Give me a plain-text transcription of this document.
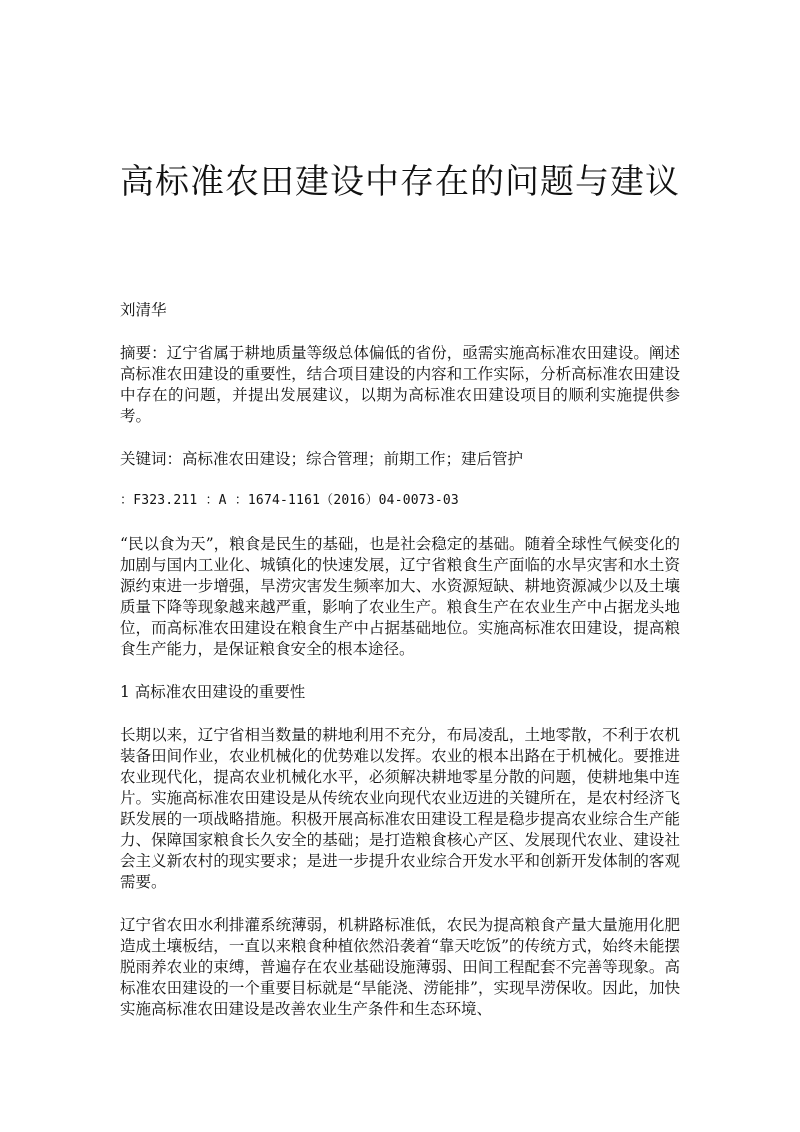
高标准农田建设中存在的问题与建议

刘清华

摘要：辽宁省属于耕地质量等级总体偏低的省份，亟需实施高标准农田建设。阐述高标准农田建设的重要性，结合项目建设的内容和工作实际，分析高标准农田建设中存在的问题，并提出发展建议，以期为高标准农田建设项目的顺利实施提供参考。

关键词：高标准农田建设；综合管理；前期工作；建后管护

：F323.211 ：A ：1674-1161（2016）04-0073-03

“民以食为天”，粮食是民生的基础，也是社会稳定的基础。随着全球性气候变化的加剧与国内工业化、城镇化的快速发展，辽宁省粮食生产面临的水旱灾害和水土资源约束进一步增强，旱涝灾害发生频率加大、水资源短缺、耕地资源减少以及土壤质量下降等现象越来越严重，影响了农业生产。粮食生产在农业生产中占据龙头地位，而高标准农田建设在粮食生产中占据基础地位。实施高标准农田建设，提高粮食生产能力，是保证粮食安全的根本途径。

1 高标准农田建设的重要性

长期以来，辽宁省相当数量的耕地利用不充分，布局凌乱，土地零散，不利于农机装备田间作业，农业机械化的优势难以发挥。农业的根本出路在于机械化。要推进农业现代化，提高农业机械化水平，必须解决耕地零星分散的问题，使耕地集中连片。实施高标准农田建设是从传统农业向现代农业迈进的关键所在，是农村经济飞跃发展的一项战略措施。积极开展高标准农田建设工程是稳步提高农业综合生产能力、保障国家粮食长久安全的基础；是打造粮食核心产区、发展现代农业、建设社会主义新农村的现实要求；是进一步提升农业综合开发水平和创新开发体制的客观需要。

辽宁省农田水利排灌系统薄弱，机耕路标准低，农民为提高粮食产量大量施用化肥造成土壤板结，一直以来粮食种植依然沿袭着“靠天吃饭”的传统方式，始终未能摆脱雨养农业的束缚，普遍存在农业基础设施薄弱、田间工程配套不完善等现象。高标准农田建设的一个重要目标就是“旱能浇、涝能排”，实现旱涝保收。因此，加快实施高标准农田建设是改善农业生产条件和生态环境、
